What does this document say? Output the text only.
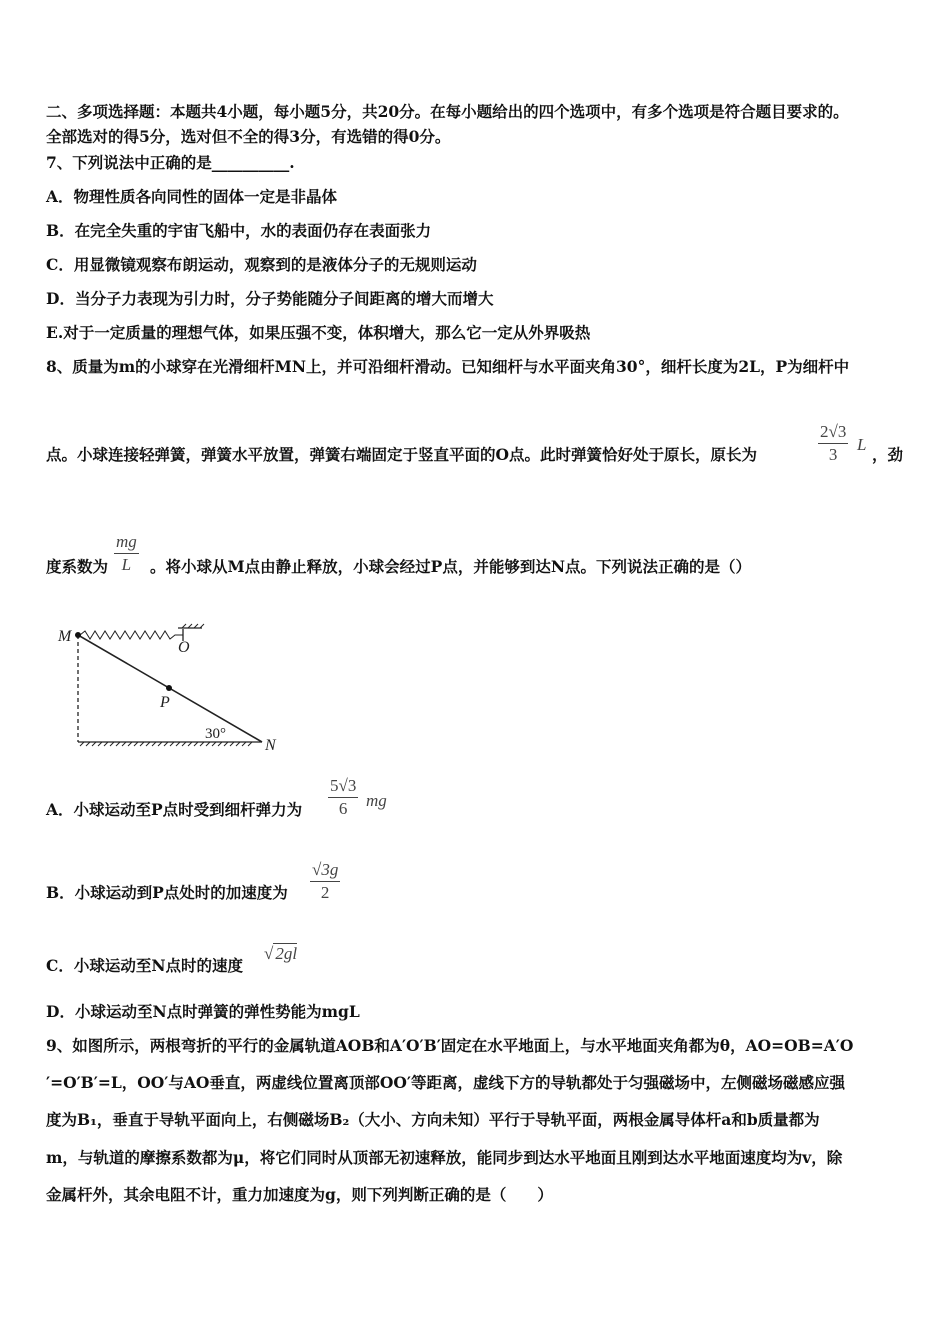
二、多项选择题：本题共4小题，每小题5分，共20分。在每小题给出的四个选项中，有多个选项是符合题目要求的。
全部选对的得5分，选对但不全的得3分，有选错的得0分。
7、下列说法中正确的是__________.
A．物理性质各向同性的固体一定是非晶体
B．在完全失重的宇宙飞船中，水的表面仍存在表面张力
C．用显微镜观察布朗运动，观察到的是液体分子的无规则运动
D．当分子力表现为引力时，分子势能随分子间距离的增大而增大
E.对于一定质量的理想气体，如果压强不变，体积增大，那么它一定从外界吸热
8、质量为m的小球穿在光滑细杆MN上，并可沿细杆滑动。已知细杆与水平面夹角30°，细杆长度为2L，P为细杆中
点。小球连接轻弹簧，弹簧水平放置，弹簧右端固定于竖直平面的O点。此时弹簧恰好处于原长，原长为
2√3
3
L
，劲
度系数为
mg
L	。将小球从M点由静止释放，小球会经过P点，并能够到达N点。下列说法正确的是（）
M
O
P
N
30°
A．小球运动至P点时受到细杆弹力为
5√3
6	mg
B．小球运动到P点处时的加速度为
√3g
2
C．小球运动至N点时的速度
√ 2gl
D．小球运动至N点时弹簧的弹性势能为mgL
9、如图所示，两根弯折的平行的金属轨道AOB和A′O′B′固定在水平地面上，与水平地面夹角都为θ，AO=OB=A′O
′=O′B′=L，OO′与AO垂直，两虚线位置离顶部OO′等距离，虚线下方的导轨都处于匀强磁场中，左侧磁场磁感应强
度为B₁，垂直于导轨平面向上，右侧磁场B₂（大小、方向未知）平行于导轨平面，两根金属导体杆a和b质量都为
m，与轨道的摩擦系数都为μ，将它们同时从顶部无初速释放，能同步到达水平地面且刚到达水平地面速度均为v，除
金属杆外，其余电阻不计，重力加速度为g，则下列判断正确的是（　　）
